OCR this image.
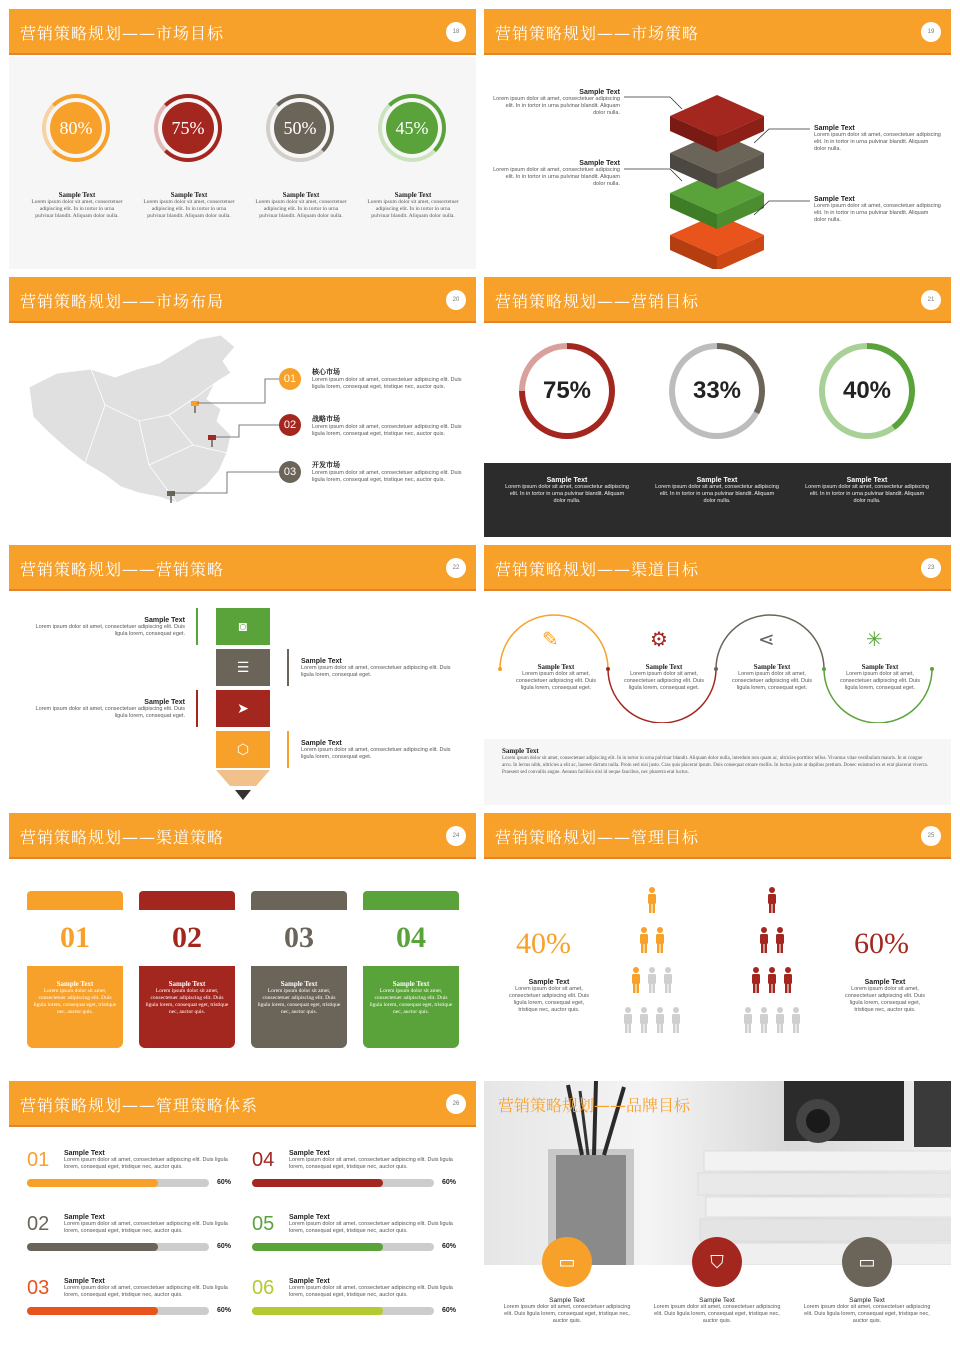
营销策略规划——市场目标	18
80%	75%	50%	45%
Sample Text
Lorem ipsum dolor sit amet, consectetuer adipiscing elit. In in tortor in urna pulvinar blandit. Aliquam dolor nulla.
Sample Text
Lorem ipsum dolor sit amet, consectetuer adipiscing elit. In in tortor in urna pulvinar blandit. Aliquam dolor nulla.
Sample Text
Lorem ipsum dolor sit amet, consectetuer adipiscing elit. In in tortor in urna pulvinar blandit. Aliquam dolor nulla.
Sample Text
Lorem ipsum dolor sit amet, consectetuer adipiscing elit. In in tortor in urna pulvinar blandit. Aliquam dolor nulla.
营销策略规划——市场策略	19
Sample Text
Lorem ipsum dolor sit amet, consectetuer adipiscing elit. In in tortor in urna pulvinar blandit. Aliquam dolor nulla.
Sample Text
Lorem ipsum dolor sit amet, consectetuer adipiscing elit. In in tortor in urna pulvinar blandit. Aliquam dolor nulla.
Sample Text
Lorem ipsum dolor sit amet, consectetuer adipiscing elit. In in tortor in urna pulvinar blandit. Aliquam dolor nulla.
Sample Text
Lorem ipsum dolor sit amet, consectetuer adipiscing elit. In in tortor in urna pulvinar blandit. Aliquam dolor nulla.
营销策略规划——市场布局	20
01
02
03
核心市场
Lorem ipsum dolor sit amet, consectetuer adipiscing elit. Duis ligula lorem, consequat eget, tristique nec, auctor quis.
战略市场
Lorem ipsum dolor sit amet, consectetuer adipiscing elit. Duis ligula lorem, consequat eget, tristique nec, auctor quis.
开发市场
Lorem ipsum dolor sit amet, consectetuer adipiscing elit. Duis ligula lorem, consequat eget, tristique nec, auctor quis.
营销策略规划——营销目标	21
75%	33%	40%
Sample Text
Lorem ipsum dolor sit amet, consectetur adipiscing elit. In in tortor in urna pulvinar blandit. Aliquam dolor nulla.
Sample Text
Lorem ipsum dolor sit amet, consectetur adipiscing elit. In in tortor in urna pulvinar blandit. Aliquam dolor nulla.
Sample Text
Lorem ipsum dolor sit amet, consectetur adipiscing elit. In in tortor in urna pulvinar blandit. Aliquam dolor nulla.
营销策略规划——营销策略	22
◙
☰
➤
⬡
Sample Text
Lorem ipsum dolor sit amet, consectetuer adipiscing elit. Duis ligula lorem, consequat eget.
Sample Text
Lorem ipsum dolor sit amet, consectetuer adipiscing elit. Duis ligula lorem, consequat eget.
Sample Text
Lorem ipsum dolor sit amet, consectetuer adipiscing elit. Duis ligula lorem, consequat eget.
Sample Text
Lorem ipsum dolor sit amet, consectetuer adipiscing elit. Duis ligula lorem, consequat eget.
营销策略规划——渠道目标	23
✎	⚙	⋖	✳
Sample Text
Lorem ipsum dolor sit amet, consectetuer adipiscing elit. Duis ligula lorem, consequat eget.
Sample Text
Lorem ipsum dolor sit amet, consectetuer adipiscing elit. Duis ligula lorem, consequat eget.
Sample Text
Lorem ipsum dolor sit amet, consectetuer adipiscing elit. Duis ligula lorem, consequat eget.
Sample Text
Lorem ipsum dolor sit amet, consectetuer adipiscing elit. Duis ligula lorem, consequat eget.
Sample Text
Lorem ipsum dolor sit amet, consectetuer adipiscing elit. In in tortor in urna pulvinar blandit. Aliquam dolor nulla, interdum non quam ac, ultricies porttitor tellus. Vivamus vitae vestibulum mauris. In ut congue arcu. In lectus nibh, ultricies a elit ac, laoreet dictum nulla. Proin sed nisi justo. Cras quis placerat ipsum. Duis consequat ornare mollis. In luctus justo at dapibus pretium. Donec euismod ex et erat placerat viverra. Praesent sed convallis augue. Aenean facilisis nisi id neque faucibus, nec pharetra erat luctus.
营销策略规划——渠道策略	24
01
Sample Text
Lorem ipsum dolor sit amet, consectetuer adipiscing elit. Duis ligula lorem, consequat eget, tristique nec, auctor quis.
02
Sample Text
Lorem ipsum dolor sit amet, consectetuer adipiscing elit. Duis ligula lorem, consequat eget, tristique nec, auctor quis.
03
Sample Text
Lorem ipsum dolor sit amet, consectetuer adipiscing elit. Duis ligula lorem, consequat eget, tristique nec, auctor quis.
04
Sample Text
Lorem ipsum dolor sit amet, consectetuer adipiscing elit. Duis ligula lorem, consequat eget, tristique nec, auctor quis.
营销策略规划——管理目标	25
40%	60%
Sample Text
Lorem ipsum dolor sit amet, consectetuer adipiscing elit. Duis ligula lorem, consequat eget, tristique nec, auctor quis.
Sample Text
Lorem ipsum dolor sit amet, consectetuer adipiscing elit. Duis ligula lorem, consequat eget, tristique nec, auctor quis.
营销策略规划——管理策略体系	26
01 Sample Text
Lorem ipsum dolor sit amet, consectetuer adipiscing elit. Duis ligula lorem, consequat eget, tristique nec, auctor quis.
60%
02 Sample Text
Lorem ipsum dolor sit amet, consectetuer adipiscing elit. Duis ligula lorem, consequat eget, tristique nec, auctor quis.
60%
03 Sample Text
Lorem ipsum dolor sit amet, consectetuer adipiscing elit. Duis ligula lorem, consequat eget, tristique nec, auctor quis.
60%
04 Sample Text
Lorem ipsum dolor sit amet, consectetuer adipiscing elit. Duis ligula lorem, consequat eget, tristique nec, auctor quis.
60%
05 Sample Text
Lorem ipsum dolor sit amet, consectetuer adipiscing elit. Duis ligula lorem, consequat eget, tristique nec, auctor quis.
60%
06 Sample Text
Lorem ipsum dolor sit amet, consectetuer adipiscing elit. Duis ligula lorem, consequat eget, tristique nec, auctor quis.
60%
营销策略规划——品牌目标
▭	⛉	▭
Sample Text
Lorem ipsum dolor sit amet, consectetuer adipiscing elit. Duis ligula lorem, consequat eget, tristique nec, auctor quis.
Sample Text
Lorem ipsum dolor sit amet, consectetuer adipiscing elit. Duis ligula lorem, consequat eget, tristique nec, auctor quis.
Sample Text
Lorem ipsum dolor sit amet, consectetuer adipiscing elit. Duis ligula lorem, consequat eget, tristique nec, auctor quis.
